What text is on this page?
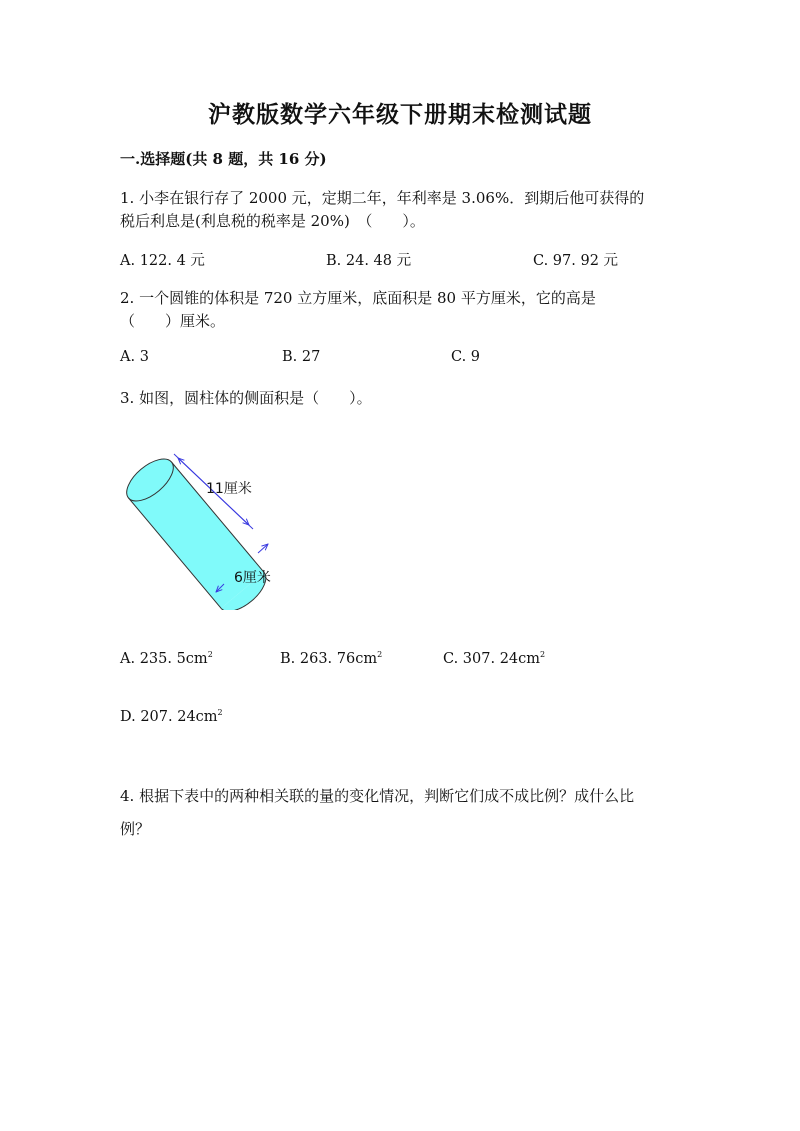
沪教版数学六年级下册期末检测试题
一.选择题(共 8 题，共 16 分)
1. 小李在银行存了 2000 元，定期二年，年利率是 3.06%．到期后他可获得的
税后利息是(利息税的税率是 20%)　（　　）。
A. 122. 4 元	B. 24. 48 元	C. 97. 92 元
2. 一个圆锥的体积是 720 立方厘米，底面积是 80 平方厘米，它的高是
（　　）厘米。
A. 3	B. 27	C. 9
3. 如图，圆柱体的侧面积是（　　）。
11厘米
6厘米
A. 235. $5cm^2$	B. 263. $76cm^2$	C. 307. $24cm^2$
D. 207. $24cm^2$
4. 根据下表中的两种相关联的量的变化情况，判断它们成不成比例？成什么比
例？
